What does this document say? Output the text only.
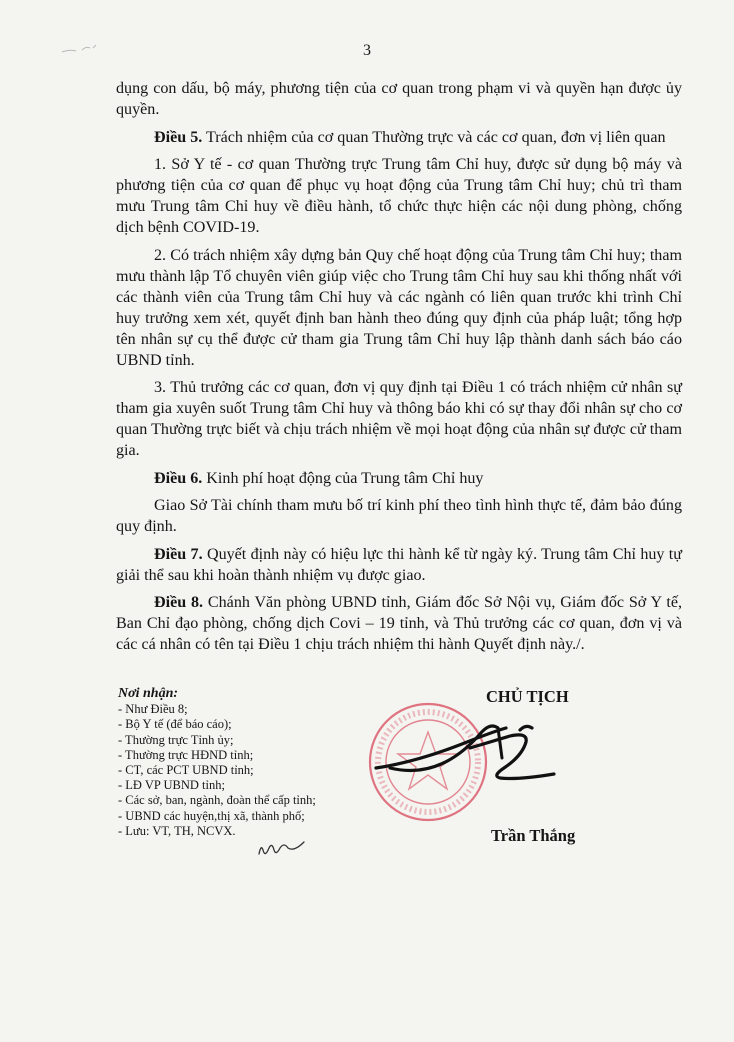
3

dụng con dấu, bộ máy, phương tiện của cơ quan trong phạm vi và quyền hạn được ủy quyền.

Điều 5. Trách nhiệm của cơ quan Thường trực và các cơ quan, đơn vị liên quan

1. Sở Y tế - cơ quan Thường trực Trung tâm Chỉ huy, được sử dụng bộ máy và phương tiện của cơ quan để phục vụ hoạt động của Trung tâm Chỉ huy; chủ trì tham mưu Trung tâm Chỉ huy về điều hành, tổ chức thực hiện các nội dung phòng, chống dịch bệnh COVID-19.

2. Có trách nhiệm xây dựng bản Quy chế hoạt động của Trung tâm Chỉ huy; tham mưu thành lập Tổ chuyên viên giúp việc cho Trung tâm Chỉ huy sau khi thống nhất với các thành viên của Trung tâm Chỉ huy và các ngành có liên quan trước khi trình Chỉ huy trưởng xem xét, quyết định ban hành theo đúng quy định của pháp luật; tổng hợp tên nhân sự cụ thể được cử tham gia Trung tâm Chỉ huy lập thành danh sách báo cáo UBND tỉnh.

3. Thủ trưởng các cơ quan, đơn vị quy định tại Điều 1 có trách nhiệm cử nhân sự tham gia xuyên suốt Trung tâm Chỉ huy và thông báo khi có sự thay đổi nhân sự cho cơ quan Thường trực biết và chịu trách nhiệm về mọi hoạt động của nhân sự được cử tham gia.

Điều 6. Kinh phí hoạt động của Trung tâm Chỉ huy

Giao Sở Tài chính tham mưu bố trí kinh phí theo tình hình thực tế, đảm bảo đúng quy định.

Điều 7. Quyết định này có hiệu lực thi hành kể từ ngày ký. Trung tâm Chỉ huy tự giải thể sau khi hoàn thành nhiệm vụ được giao.

Điều 8. Chánh Văn phòng UBND tỉnh, Giám đốc Sở Nội vụ, Giám đốc Sở Y tế, Ban Chỉ đạo phòng, chống dịch Covi – 19 tỉnh, và Thủ trưởng các cơ quan, đơn vị và các cá nhân có tên tại Điều 1 chịu trách nhiệm thi hành Quyết định này./.

Nơi nhận:
- Như Điều 8;
- Bộ Y tế (để báo cáo);
- Thường trực Tỉnh ủy;
- Thường trực HĐND tỉnh;
- CT, các PCT UBND tỉnh;
- LĐ VP UBND tỉnh;
- Các sở, ban, ngành, đoàn thể cấp tỉnh;
- UBND các huyện,thị xã, thành phố;
- Lưu: VT, TH, NCVX.
CHỦ TỊCH
Trần Thắng
